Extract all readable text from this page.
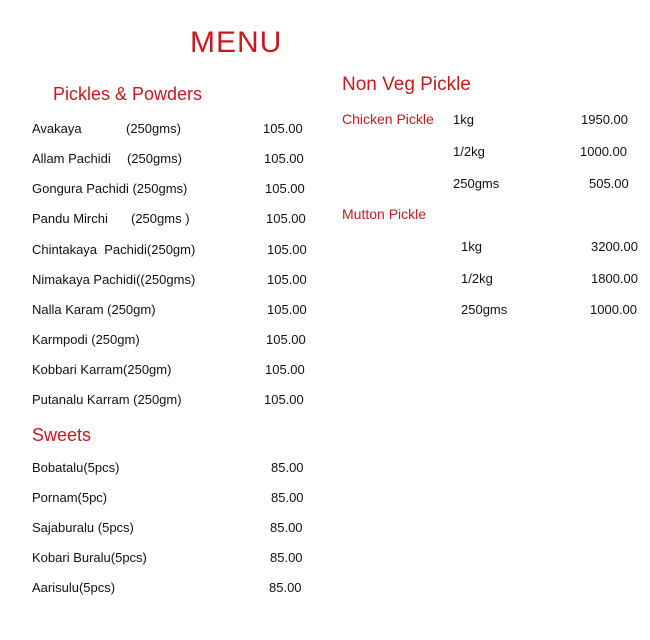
MENU
Pickles & Powders
Avakaya	(250gms)	105.00
Allam Pachidi (250gms)	105.00
Gongura Pachidi (250gms)	105.00
Pandu Mirchi (250gms )	105.00
Chintakaya  Pachidi(250gm)	105.00
Nimakaya Pachidi((250gms)	105.00
Nalla Karam (250gm)	105.00
Karmpodi (250gm)	105.00
Kobbari Karram(250gm)	105.00
Putanalu Karram (250gm)	105.00
Sweets
Bobatalu(5pcs)	85.00
Pornam(5pc)	85.00
Sajaburalu (5pcs)	85.00
Kobari Buralu(5pcs)	85.00
Aarisulu(5pcs)	85.00
Non Veg Pickle
Chicken Pickle 1kg	1950.00
1/2kg	1000.00
250gms	505.00
Mutton Pickle
1kg	3200.00
1/2kg	1800.00
250gms	1000.00
